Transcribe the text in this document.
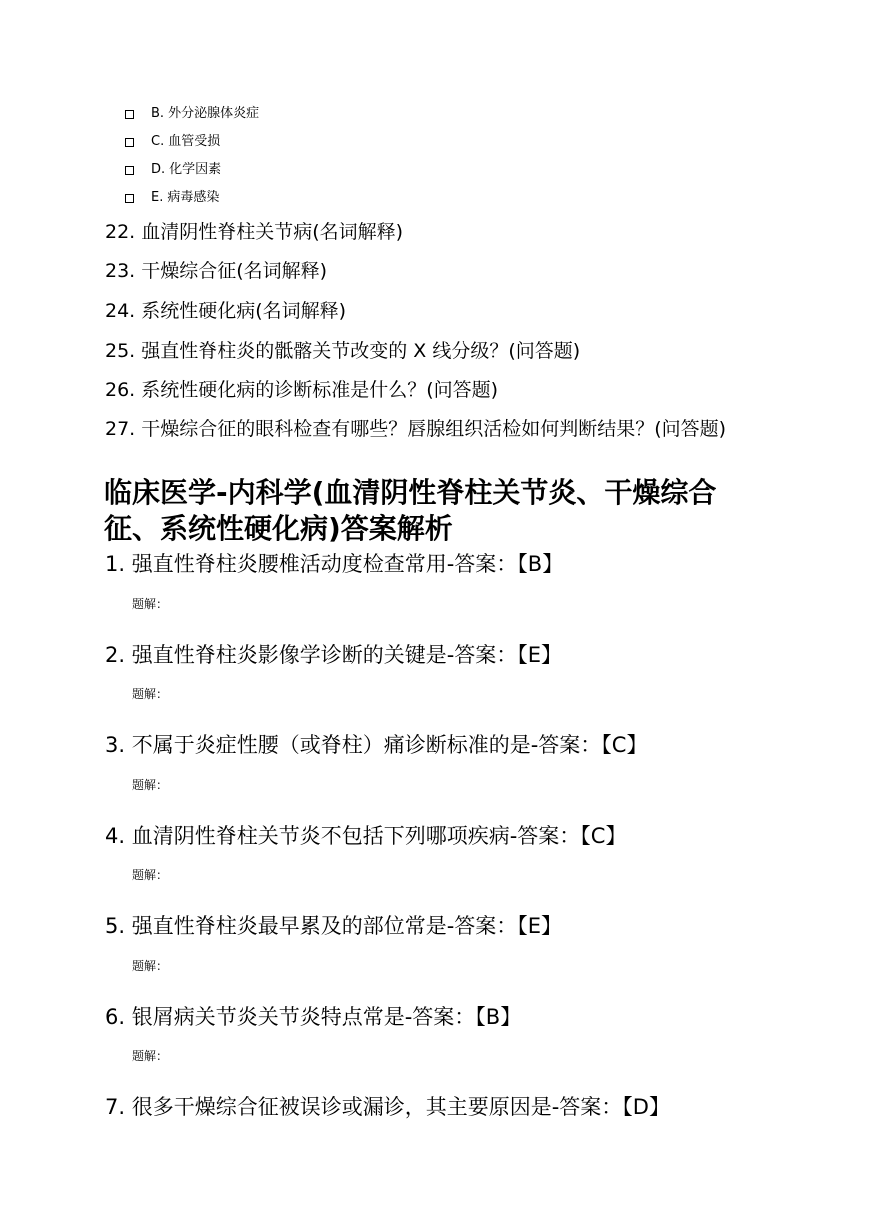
B. 外分泌腺体炎症
C. 血管受损
D. 化学因素
E. 病毒感染
22. 血清阴性脊柱关节病(名词解释)
23. 干燥综合征(名词解释)
24. 系统性硬化病(名词解释)
25. 强直性脊柱炎的骶髂关节改变的 X 线分级？(问答题)
26. 系统性硬化病的诊断标准是什么？(问答题)
27. 干燥综合征的眼科检查有哪些？唇腺组织活检如何判断结果？(问答题)
临床医学-内科学(血清阴性脊柱关节炎、干燥综合征、系统性硬化病)答案解析
1. 强直性脊柱炎腰椎活动度检查常用-答案：【B】
题解：
2. 强直性脊柱炎影像学诊断的关键是-答案：【E】
题解：
3. 不属于炎症性腰（或脊柱）痛诊断标准的是-答案：【C】
题解：
4. 血清阴性脊柱关节炎不包括下列哪项疾病-答案：【C】
题解：
5. 强直性脊柱炎最早累及的部位常是-答案：【E】
题解：
6. 银屑病关节炎关节炎特点常是-答案：【B】
题解：
7. 很多干燥综合征被误诊或漏诊，其主要原因是-答案：【D】
